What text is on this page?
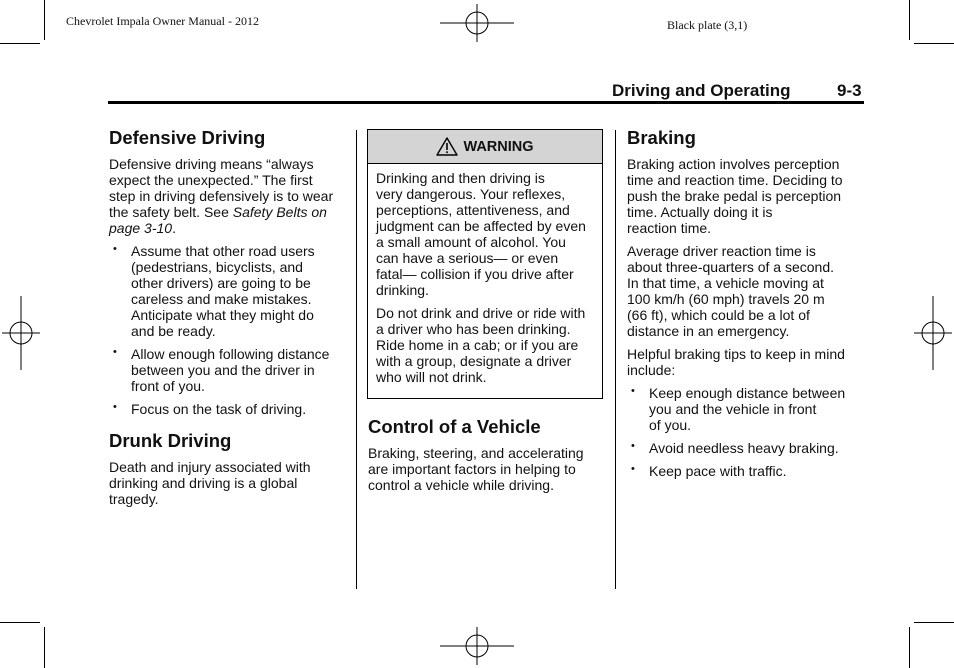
Chevrolet Impala Owner Manual - 2012	Black plate (3,1)
Driving and Operating	9-3
Defensive Driving

Defensive driving means “always
expect the unexpected.” The first
step in driving defensively is to wear
the safety belt. See Safety Belts on
page 3-10.

• Assume that other road users
(pedestrians, bicyclists, and
other drivers) are going to be
careless and make mistakes.
Anticipate what they might do
and be ready.
• Allow enough following distance
between you and the driver in
front of you.
• Focus on the task of driving.
Drunk Driving

Death and injury associated with
drinking and driving is a global
tragedy.

WARNING

Drinking and then driving is
very dangerous. Your reflexes,
perceptions, attentiveness, and
judgment can be affected by even
a small amount of alcohol. You
can have a serious— or even
fatal— collision if you drive after
drinking.

Do not drink and drive or ride with
a driver who has been drinking.
Ride home in a cab; or if you are
with a group, designate a driver
who will not drink.

Control of a Vehicle

Braking, steering, and accelerating
are important factors in helping to
control a vehicle while driving.

Braking

Braking action involves perception
time and reaction time. Deciding to
push the brake pedal is perception
time. Actually doing it is
reaction time.

Average driver reaction time is
about three-quarters of a second.
In that time, a vehicle moving at
100 km/h (60 mph) travels 20 m
(66 ft), which could be a lot of
distance in an emergency.

Helpful braking tips to keep in mind
include:

• Keep enough distance between
you and the vehicle in front
of you.
• Avoid needless heavy braking.
• Keep pace with traffic.
